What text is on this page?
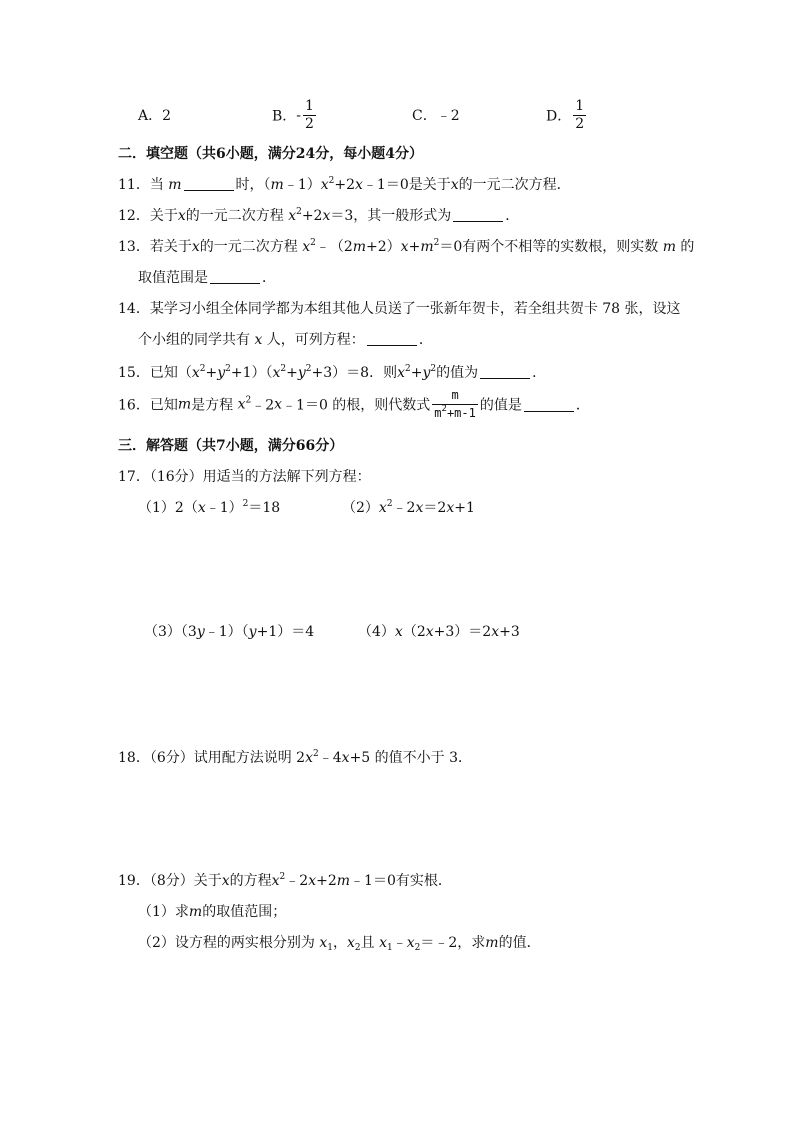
A．2	B．- $\frac{1}{2}$	C．﹣2	D． $\frac{1}{2}$
二．填空题（共6小题，满分24分，每小题4分）
11．当 m	时，$(m﹣1)x^2+2x﹣1=0$是关于x的一元二次方程．
12．关于x的一元二次方程 $x^2+2x=3$，其一般形式为	．
13．若关于x的一元二次方程 $x^2﹣(2m+2)x+m^2=0$有两个不相等的实数根，则实数 m 的
取值范围是	．
14．某学习小组全体同学都为本组其他人员送了一张新年贺卡，若全组共贺卡 78 张，设这
个小组的同学共有 x 人，可列方程：	．
15．已知$(x^2+y^2+1)(x^2+y^2+3)=8$．则$x^2+y^2$的值为	．
16．已知m是方程 $x^2﹣2x﹣1=0$ 的根，则代数式 $\frac{m}{m^2+m-1}$ 的值是	．
三．解答题（共7小题，满分66分）
17．（16分）用适当的方法解下列方程：
（1）2（x﹣1）$^2$＝18	$(2)x^2﹣2x=2x+1$
（3）（3y﹣1）（y+1）＝4	（4）x（2x+3）＝2x+3
18．（6分）试用配方法说明 $2x^2﹣4x+5$ 的值不小于 3．
19．（8分）关于x的方程$x^2﹣2x+2m﹣1=0$有实根．
（1）求m的取值范围；
（2）设方程的两实根分别为 $x_1$，$x_2$且 $x_1﹣x_2=﹣2$，求m的值．
